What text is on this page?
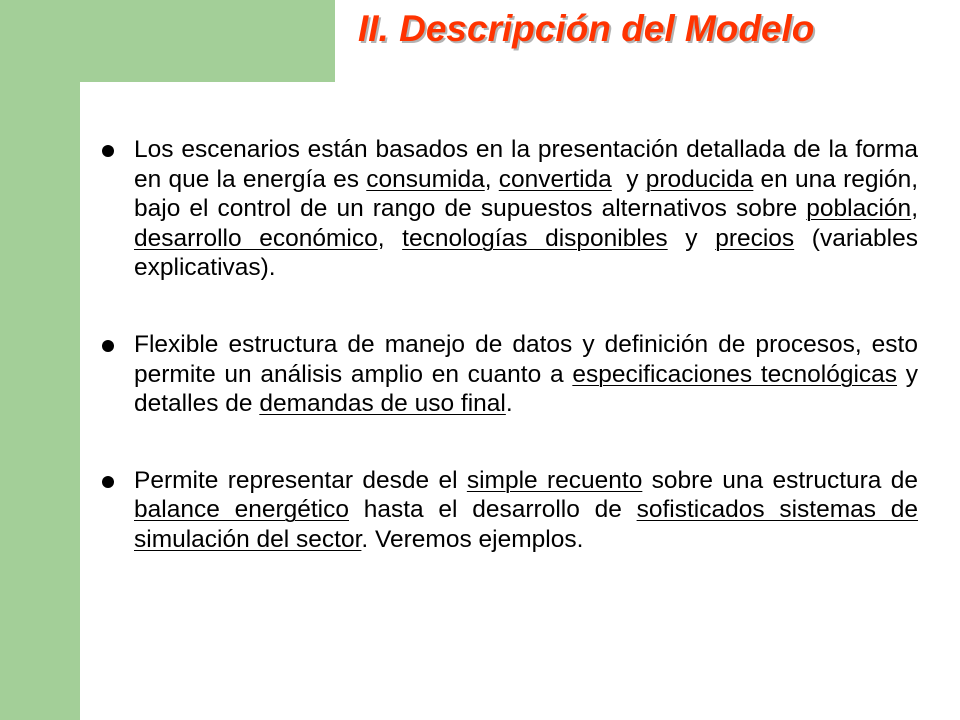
II. Descripción del Modelo
Los escenarios están basados en la presentación detallada de la forma en que la energía es consumida, convertida  y producida en una región, bajo el control de un rango de supuestos alternativos sobre población, desarrollo económico, tecnologías disponibles y precios (variables explicativas).
Flexible estructura de manejo de datos y definición de procesos, esto permite un análisis amplio en cuanto a especificaciones tecnológicas y detalles de demandas de uso final.
Permite representar desde el simple recuento sobre una estructura de balance energético hasta el desarrollo de sofisticados sistemas de simulación del sector. Veremos ejemplos.
